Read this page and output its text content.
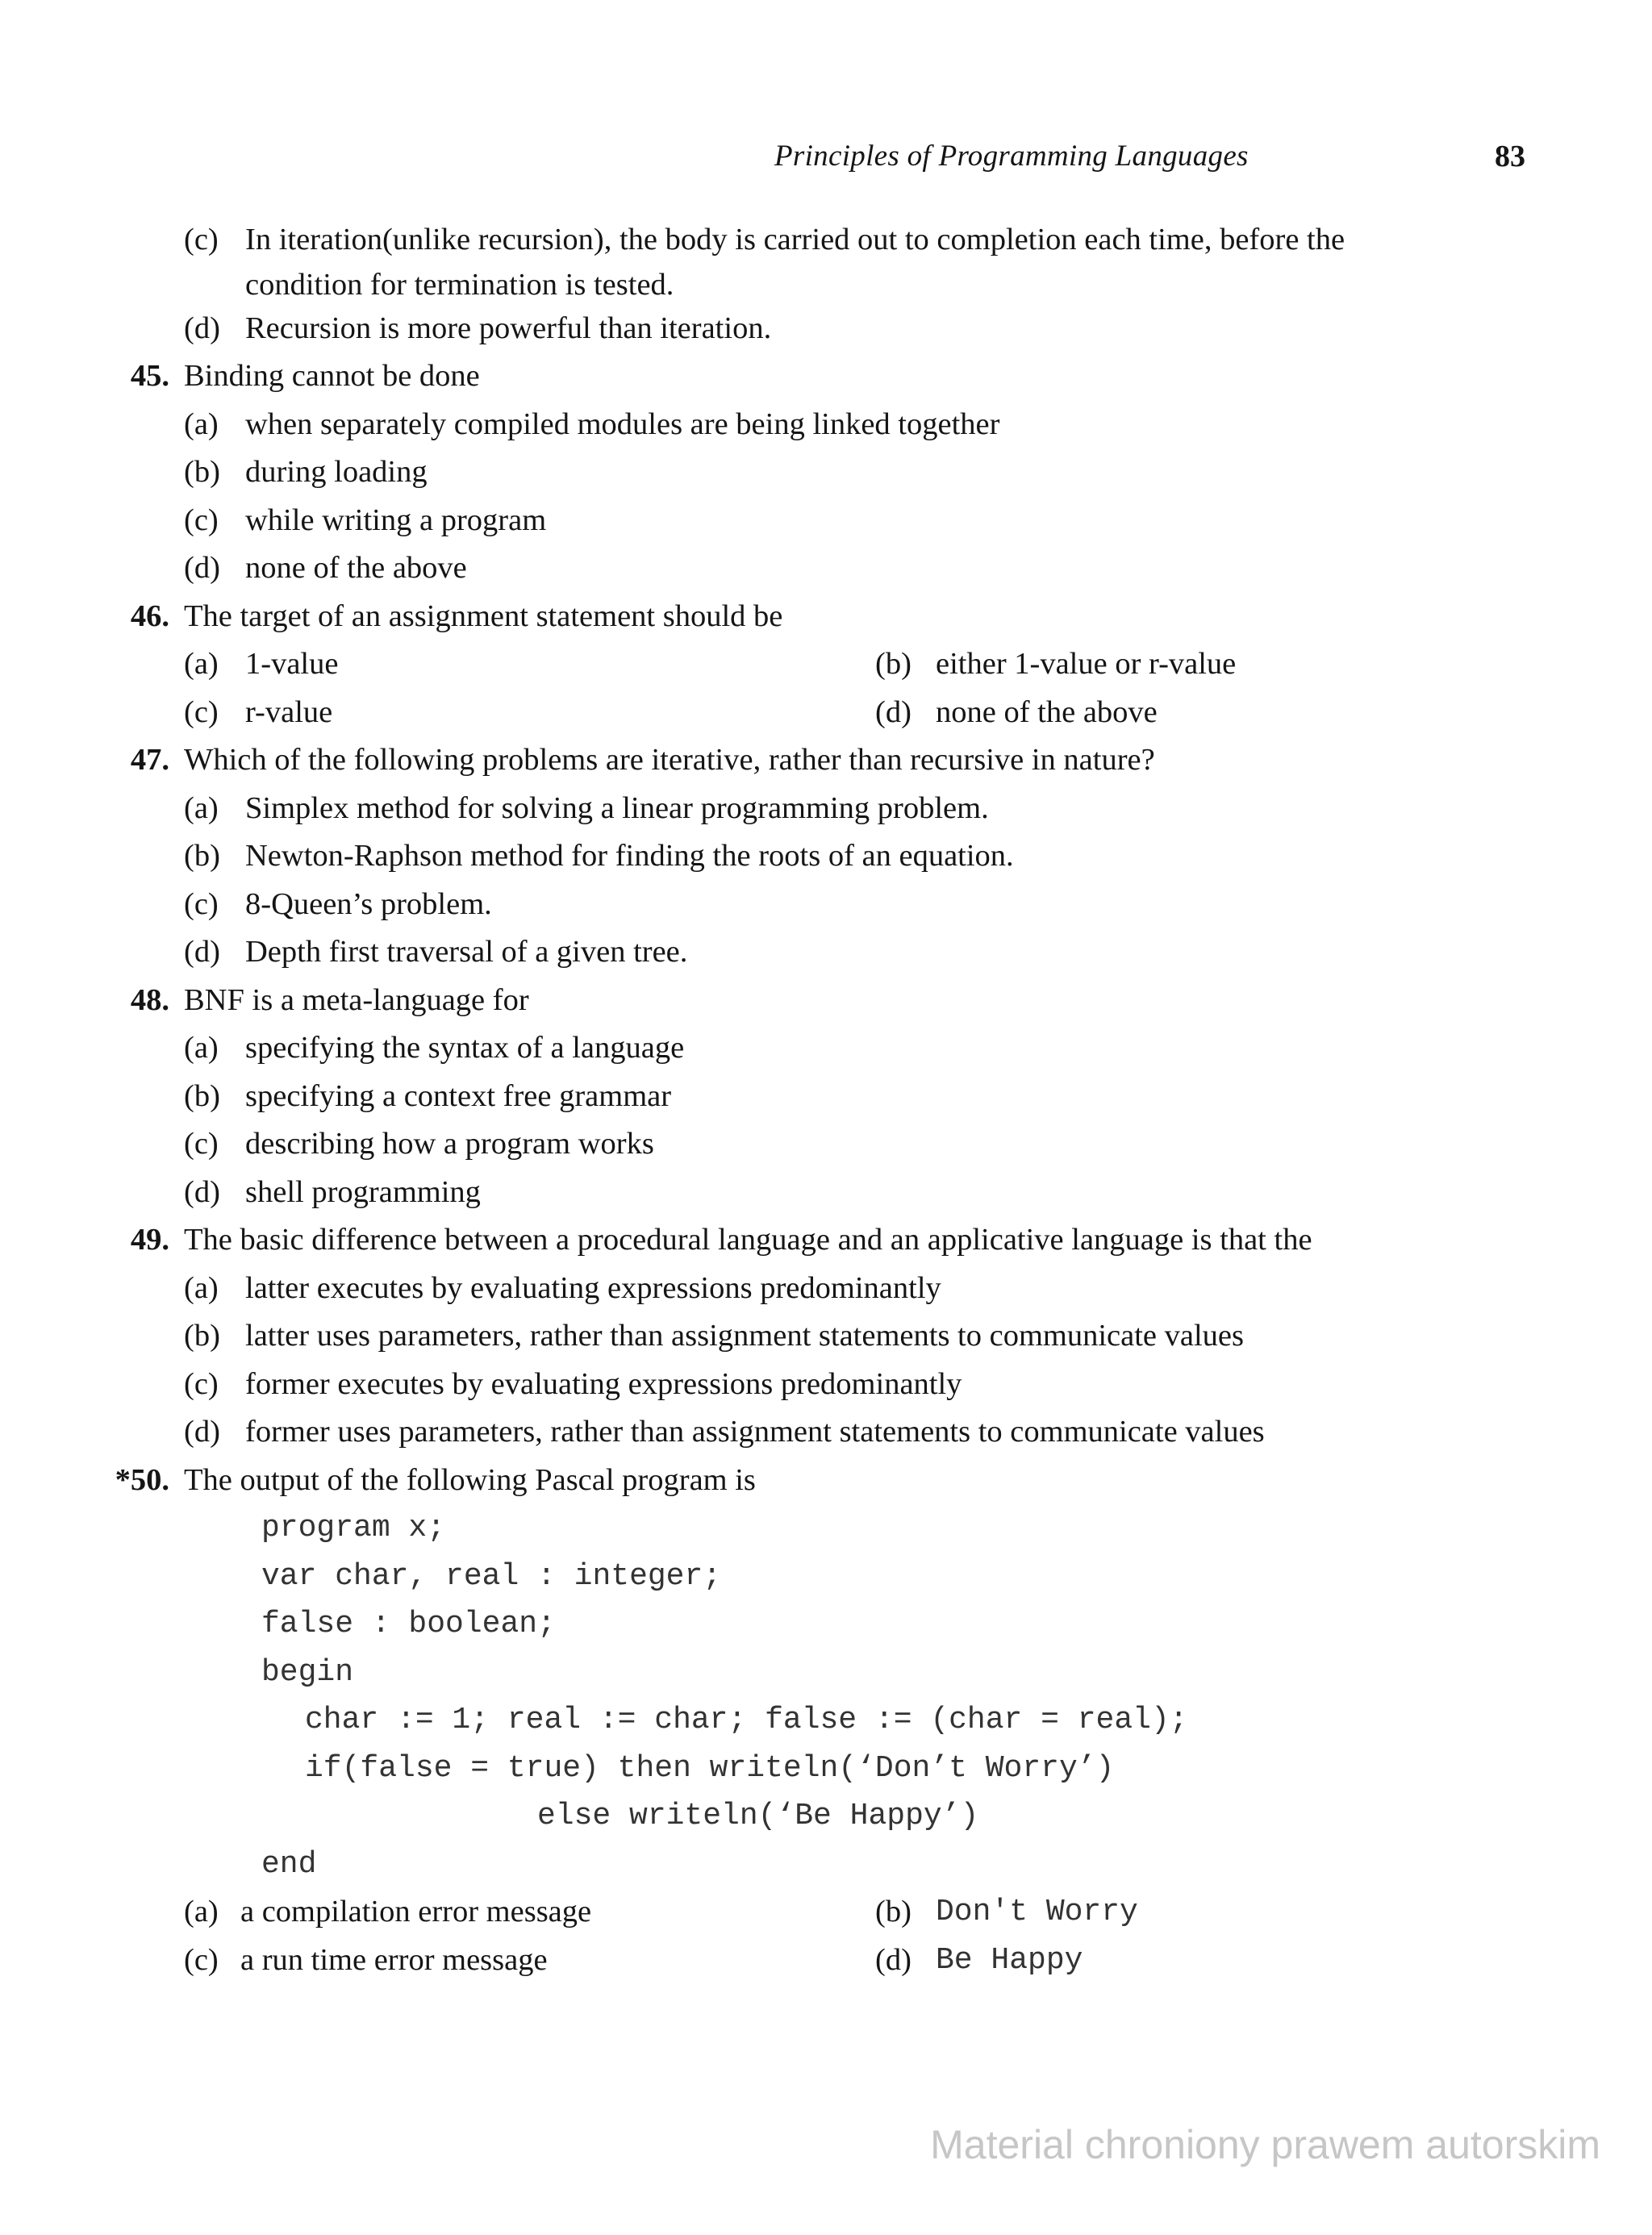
Principles of Programming Languages	83
(c) In iteration(unlike recursion), the body is carried out to completion each time, before the
condition for termination is tested.
(d) Recursion is more powerful than iteration.
45. Binding cannot be done
(a) when separately compiled modules are being linked together
(b) during loading
(c) while writing a program
(d) none of the above
46. The target of an assignment statement should be
(a) 1-value	(b) either 1-value or r-value
(c) r-value	(d) none of the above
47. Which of the following problems are iterative, rather than recursive in nature?
(a) Simplex method for solving a linear programming problem.
(b) Newton-Raphson method for finding the roots of an equation.
(c) 8-Queen’s problem.
(d) Depth first traversal of a given tree.
48. BNF is a meta-language for
(a) specifying the syntax of a language
(b) specifying a context free grammar
(c) describing how a program works
(d) shell programming
49. The basic difference between a procedural language and an applicative language is that the
(a) latter executes by evaluating expressions predominantly
(b) latter uses parameters, rather than assignment statements to communicate values
(c) former executes by evaluating expressions predominantly
(d) former uses parameters, rather than assignment statements to communicate values
*50. The output of the following Pascal program is
program x;
var char, real : integer;
false : boolean;
begin
char := 1; real := char; false := (char = real);
if(false = true) then writeln(‘Don’t Worry’)
else writeln(‘Be Happy’)
end
(a) a compilation error message	(b) Don't Worry
(c) a run time error message	(d) Be Happy
Material chroniony prawem autorskim
